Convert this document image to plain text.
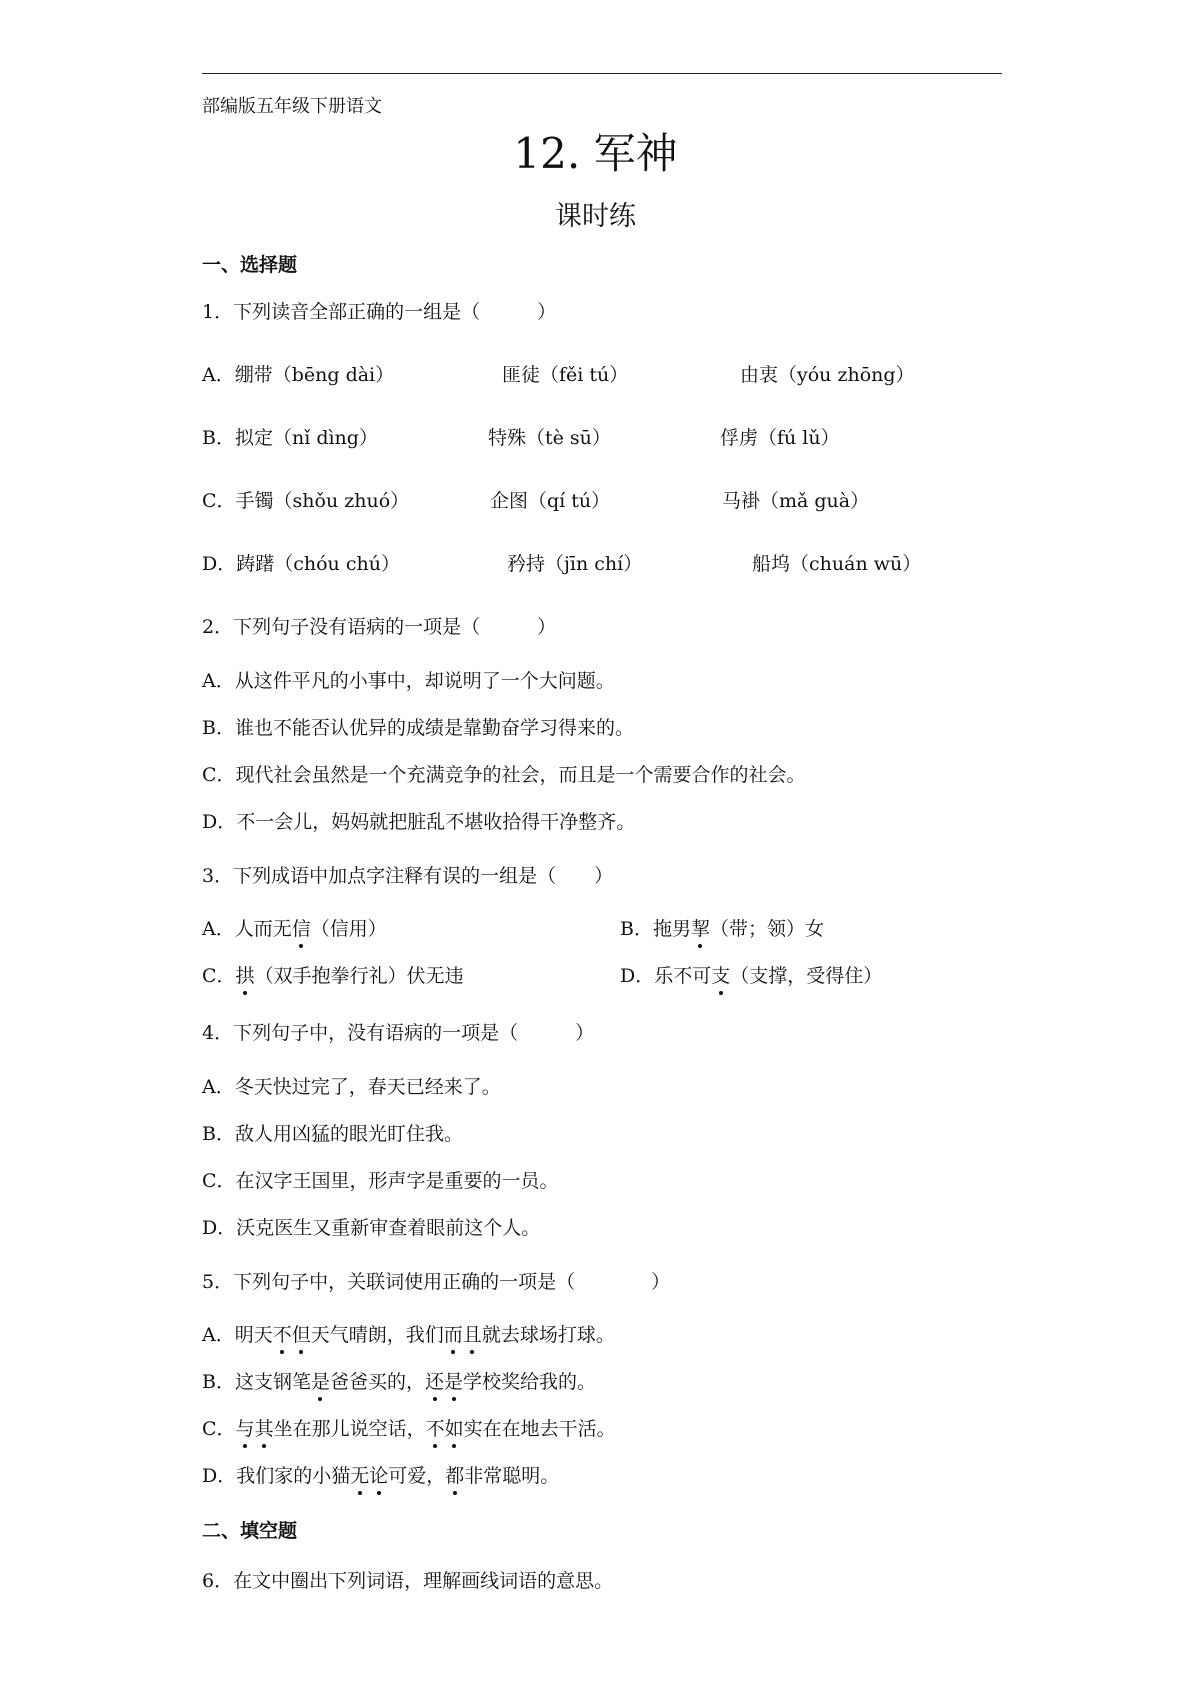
部编版五年级下册语文
12. 军神
课时练
一、选择题
1．下列读音全部正确的一组是（　　　）
A．绷带（bēng dài）	匪徒（fěi tú）	由衷（yóu zhōng）
B．拟定（nǐ dìng）	特殊（tè sū）	俘虏（fú lǔ）
C．手镯（shǒu zhuó）	企图（qí tú）	马褂（mǎ guà）
D．踌躇（chóu chú）	矜持（jīn chí）	船坞（chuán wū）
2．下列句子没有语病的一项是（　　　）
A．从这件平凡的小事中，却说明了一个大问题。
B．谁也不能否认优异的成绩是靠勤奋学习得来的。
C．现代社会虽然是一个充满竞争的社会，而且是一个需要合作的社会。
D．不一会儿，妈妈就把脏乱不堪收拾得干净整齐。
3．下列成语中加点字注释有误的一组是（　　）
A．人而无信（信用）	B．拖男挈（带；领）女
C．拱（双手抱拳行礼）伏无违	D．乐不可支（支撑，受得住）
4．下列句子中，没有语病的一项是（　　　）
A．冬天快过完了，春天已经来了。
B．敌人用凶猛的眼光盯住我。
C．在汉字王国里，形声字是重要的一员。
D．沃克医生又重新审查着眼前这个人。
5．下列句子中，关联词使用正确的一项是（　　　　）
A．明天不但天气晴朗，我们而且就去球场打球。
B．这支钢笔是爸爸买的，还是学校奖给我的。
C．与其坐在那儿说空话，不如实在在地去干活。
D．我们家的小猫无论可爱，都非常聪明。
二、填空题
6．在文中圈出下列词语，理解画线词语的意思。
